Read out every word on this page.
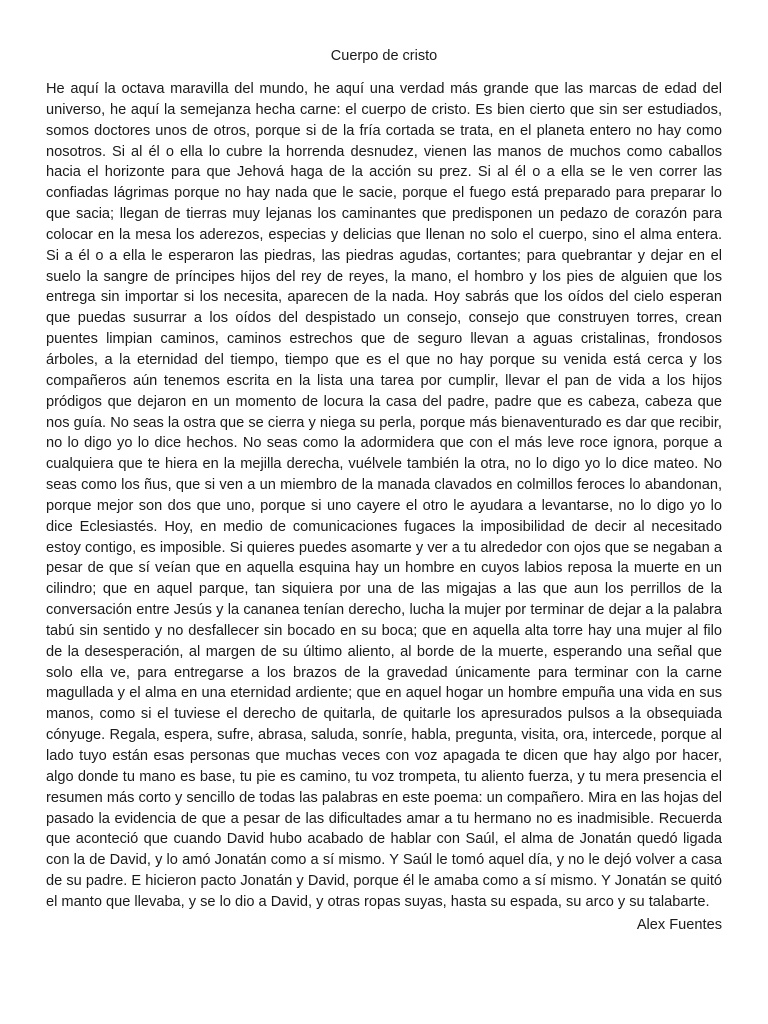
Cuerpo de cristo

He aquí la octava maravilla del mundo, he aquí una verdad más grande que las marcas de edad del universo, he aquí la semejanza hecha carne: el cuerpo de cristo. Es bien cierto que sin ser estudiados, somos doctores unos de otros, porque si de la fría cortada se trata, en el planeta entero no hay como nosotros. Si al él o ella lo cubre la horrenda desnudez, vienen las manos de muchos como caballos hacia el horizonte para que Jehová haga de la acción su prez. Si al él o a ella se le ven correr las confiadas lágrimas porque no hay nada que le sacie, porque el fuego está preparado para preparar lo que sacia; llegan de tierras muy lejanas los caminantes que predisponen un pedazo de corazón para colocar en la mesa los aderezos, especias y delicias que llenan no solo el cuerpo, sino el alma entera. Si a él o a ella le esperaron las piedras, las piedras agudas, cortantes; para quebrantar y dejar en el suelo la sangre de príncipes hijos del rey de reyes, la mano, el hombro y los pies de alguien que los entrega sin importar si los necesita, aparecen de la nada. Hoy sabrás que los oídos del cielo esperan que puedas susurrar a los oídos del despistado un consejo, consejo que construyen torres, crean puentes limpian caminos, caminos estrechos que de seguro llevan a aguas cristalinas, frondosos árboles, a la eternidad del tiempo, tiempo que es el que no hay porque su venida está cerca y los compañeros aún tenemos escrita en la lista una tarea por cumplir, llevar el pan de vida a los hijos pródigos que dejaron en un momento de locura la casa del padre, padre que es cabeza, cabeza que nos guía. No seas la ostra que se cierra y niega su perla, porque más bienaventurado es dar que recibir, no lo digo yo lo dice hechos. No seas como la adormidera que con el más leve roce ignora, porque a cualquiera que te hiera en la mejilla derecha, vuélvele también la otra, no lo digo yo lo dice mateo. No seas como los ñus, que si ven a un miembro de la manada clavados en colmillos feroces lo abandonan, porque mejor son dos que uno, porque si uno cayere el otro le ayudara a levantarse, no lo digo yo lo dice Eclesiastés. Hoy, en medio de comunicaciones fugaces la imposibilidad de decir al necesitado estoy contigo, es imposible. Si quieres puedes asomarte y ver a tu alrededor con ojos que se negaban a pesar de que sí veían que en aquella esquina hay un hombre en cuyos labios reposa la muerte en un cilindro; que en aquel parque, tan siquiera por una de las migajas a las que aun los perrillos de la conversación entre Jesús y la cananea tenían derecho, lucha la mujer por terminar de dejar a la palabra tabú sin sentido y no desfallecer sin bocado en su boca; que en aquella alta torre hay una mujer al filo de la desesperación, al margen de su último aliento, al borde de la muerte, esperando una señal que solo ella ve, para entregarse a los brazos de la gravedad únicamente para terminar con la carne magullada y el alma en una eternidad ardiente; que en aquel hogar un hombre empuña una vida en sus manos, como si el tuviese el derecho de quitarla, de quitarle los apresurados pulsos a la obsequiada cónyuge. Regala, espera, sufre, abrasa, saluda, sonríe, habla, pregunta, visita, ora, intercede, porque al lado tuyo están esas personas que muchas veces con voz apagada te dicen que hay algo por hacer, algo donde tu mano es base, tu pie es camino, tu voz trompeta, tu aliento fuerza, y tu mera presencia el resumen más corto y sencillo de todas las palabras en este poema: un compañero. Mira en las hojas del pasado la evidencia de que a pesar de las dificultades amar a tu hermano no es inadmisible. Recuerda que aconteció que cuando David hubo acabado de hablar con Saúl, el alma de Jonatán quedó ligada con la de David, y lo amó Jonatán como a sí mismo. Y Saúl le tomó aquel día, y no le dejó volver a casa de su padre. E hicieron pacto Jonatán y David, porque él le amaba como a sí mismo. Y Jonatán se quitó el manto que llevaba, y se lo dio a David, y otras ropas suyas, hasta su espada, su arco y su talabarte.

Alex Fuentes
